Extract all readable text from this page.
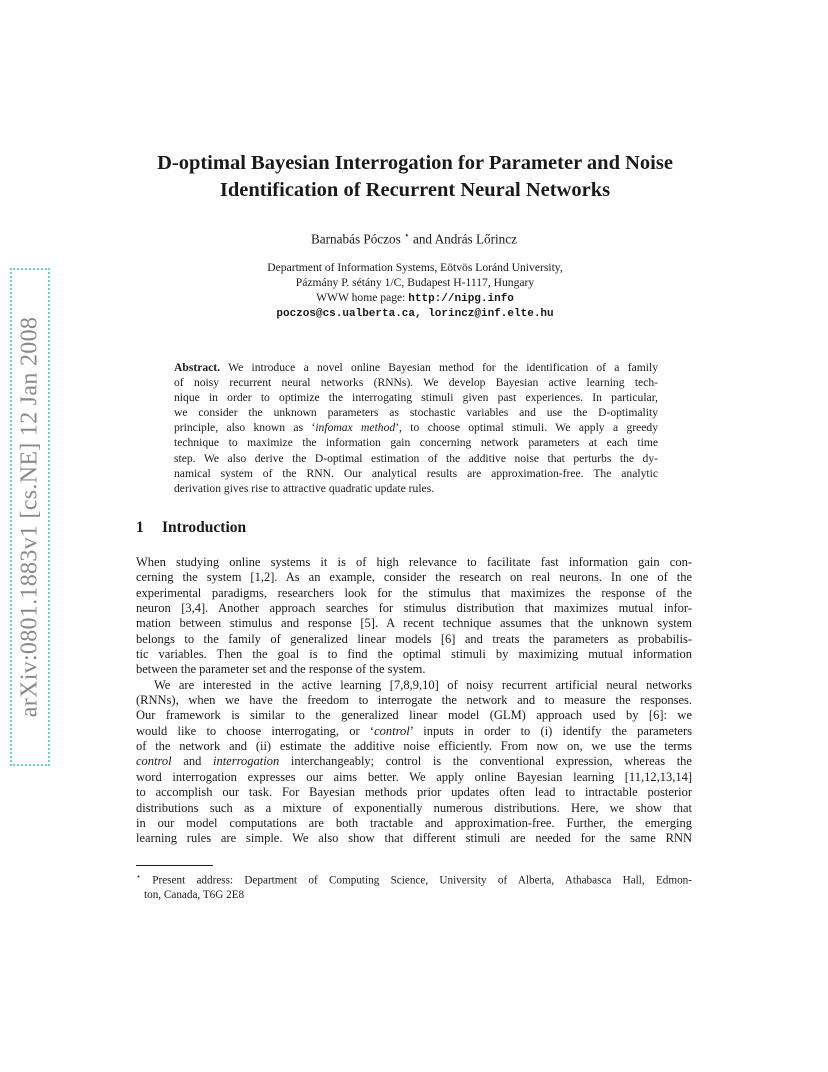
arXiv:0801.1883v1 [cs.NE] 12 Jan 2008
D-optimal Bayesian Interrogation for Parameter and Noise
Identification of Recurrent Neural Networks
Barnabás Póczos ⋆ and András Lőrincz
Department of Information Systems, Eötvös Loránd University,
Pázmány P. sétány 1/C, Budapest H-1117, Hungary
WWW home page: http://nipg.info
poczos@cs.ualberta.ca, lorincz@inf.elte.hu
Abstract. We introduce a novel online Bayesian method for the identification of a family
of noisy recurrent neural networks (RNNs). We develop Bayesian active learning tech-
nique in order to optimize the interrogating stimuli given past experiences. In particular,
we consider the unknown parameters as stochastic variables and use the D-optimality
principle, also known as ‘infomax method’, to choose optimal stimuli. We apply a greedy
technique to maximize the information gain concerning network parameters at each time
step. We also derive the D-optimal estimation of the additive noise that perturbs the dy-
namical system of the RNN. Our analytical results are approximation-free. The analytic
derivation gives rise to attractive quadratic update rules.
1 Introduction
When studying online systems it is of high relevance to facilitate fast information gain con-
cerning the system [1,2]. As an example, consider the research on real neurons. In one of the
experimental paradigms, researchers look for the stimulus that maximizes the response of the
neuron [3,4]. Another approach searches for stimulus distribution that maximizes mutual infor-
mation between stimulus and response [5]. A recent technique assumes that the unknown system
belongs to the family of generalized linear models [6] and treats the parameters as probabilis-
tic variables. Then the goal is to find the optimal stimuli by maximizing mutual information
between the parameter set and the response of the system.
We are interested in the active learning [7,8,9,10] of noisy recurrent artificial neural networks
(RNNs), when we have the freedom to interrogate the network and to measure the responses.
Our framework is similar to the generalized linear model (GLM) approach used by [6]: we
would like to choose interrogating, or ‘control’ inputs in order to (i) identify the parameters
of the network and (ii) estimate the additive noise efficiently. From now on, we use the terms
control and interrogation interchangeably; control is the conventional expression, whereas the
word interrogation expresses our aims better. We apply online Bayesian learning [11,12,13,14]
to accomplish our task. For Bayesian methods prior updates often lead to intractable posterior
distributions such as a mixture of exponentially numerous distributions. Here, we show that
in our model computations are both tractable and approximation-free. Further, the emerging
learning rules are simple. We also show that different stimuli are needed for the same RNN
⋆ Present address: Department of Computing Science, University of Alberta, Athabasca Hall, Edmon-
ton, Canada, T6G 2E8
